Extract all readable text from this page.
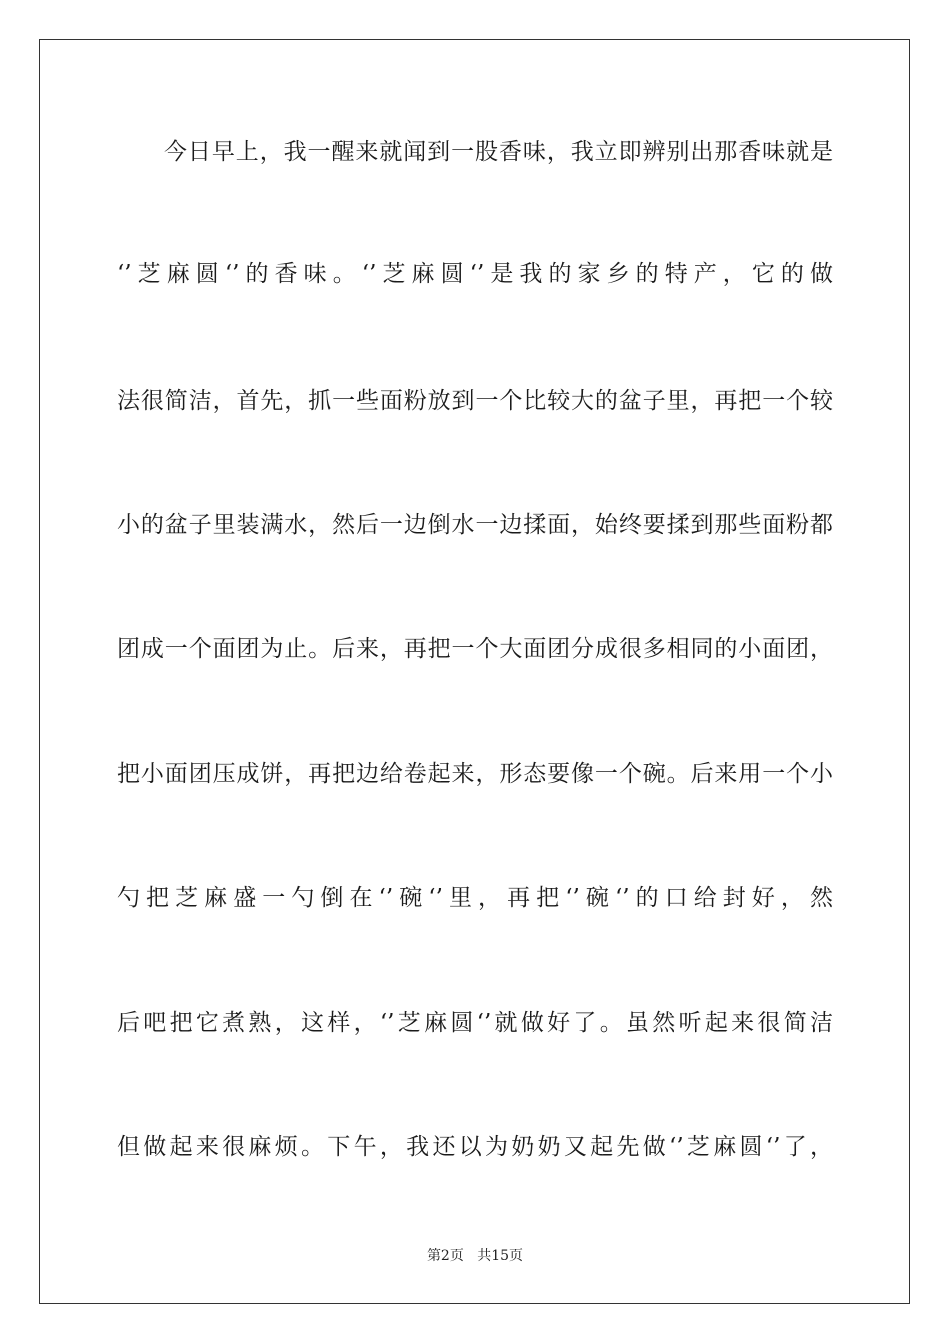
今日早上，我一醒来就闻到一股香味，我立即辨别出那香味就是
‘’芝麻圆‘’的香味。‘’芝麻圆‘’是我的家乡的特产，它的做
法很简洁，首先，抓一些面粉放到一个比较大的盆子里，再把一个较
小的盆子里装满水，然后一边倒水一边揉面，始终要揉到那些面粉都
团成一个面团为止。后来，再把一个大面团分成很多相同的小面团，
把小面团压成饼，再把边给卷起来，形态要像一个碗。后来用一个小
勺把芝麻盛一勺倒在‘’碗‘’里，再把‘’碗‘’的口给封好，然
后吧把它煮熟，这样，‘’芝麻圆‘’就做好了。虽然听起来很简洁
但做起来很麻烦。下午，我还以为奶奶又起先做‘’芝麻圆‘’了，
第2页 共15页
